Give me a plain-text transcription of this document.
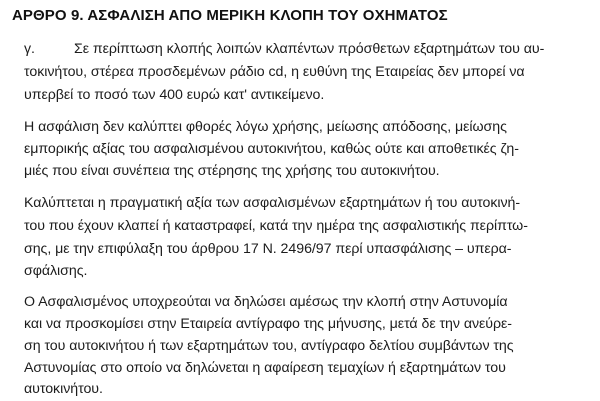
ΑΡΘΡΟ 9. ΑΣΦΑΛΙΣΗ ΑΠΟ ΜΕΡΙΚΗ ΚΛΟΠΗ ΤΟΥ ΟΧΗΜΑΤΟΣ
γ.	Σε περίπτωση κλοπής λοιπών κλαπέντων πρόσθετων εξαρτημάτων του αυ-
τοκινήτου, στέρεα προσδεμένων ράδιο cd, η ευθύνη της Εταιρείας δεν μπορεί να
υπερβεί το ποσό των 400 ευρώ κατ' αντικείμενο.
Η ασφάλιση δεν καλύπτει φθορές λόγω χρήσης, μείωσης απόδοσης, μείωσης
εμπορικής αξίας του ασφαλισμένου αυτοκινήτου, καθώς ούτε και αποθετικές ζη-
μιές που είναι συνέπεια της στέρησης της χρήσης του αυτοκινήτου.
Καλύπτεται η πραγματική αξία των ασφαλισμένων εξαρτημάτων ή του αυτοκινή-
του που έχουν κλαπεί ή καταστραφεί, κατά την ημέρα της ασφαλιστικής περίπτω-
σης, με την επιφύλαξη του άρθρου 17 Ν. 2496/97 περί υπασφάλισης – υπερα-
σφάλισης.
Ο Ασφαλισμένος υποχρεούται να δηλώσει αμέσως την κλοπή στην Αστυνομία
και να προσκομίσει στην Εταιρεία αντίγραφο της μήνυσης, μετά δε την ανεύρε-
ση του αυτοκινήτου ή των εξαρτημάτων του, αντίγραφο δελτίου συμβάντων της
Αστυνομίας στο οποίο να δηλώνεται η αφαίρεση τεμαχίων ή εξαρτημάτων του
αυτοκινήτου.
